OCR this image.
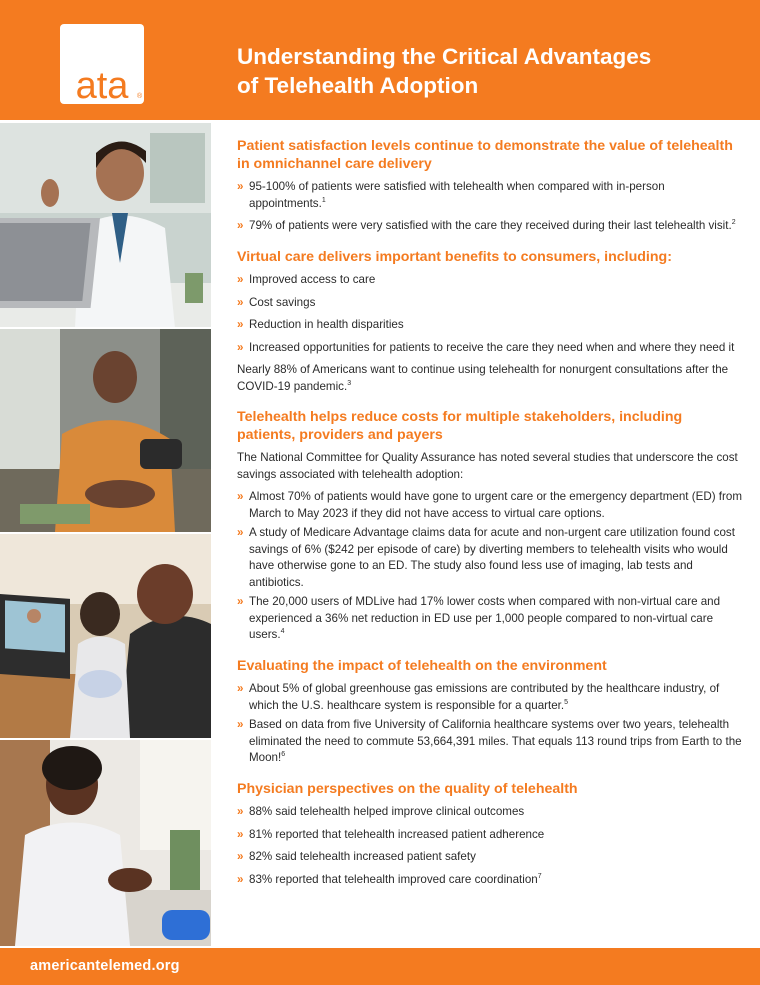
ata ®
Understanding the Critical Advantages
of Telehealth Adoption
Patient satisfaction levels continue to demonstrate the value of telehealth in omnichannel care delivery
» 95-100% of patients were satisfied with telehealth when compared with in-person appointments.$^1$
» 79% of patients were very satisfied with the care they received during their last telehealth visit.$^2$
Virtual care delivers important benefits to consumers, including:
» Improved access to care
» Cost savings
» Reduction in health disparities
» Increased opportunities for patients to receive the care they need when and where they need it
Nearly 88% of Americans want to continue using telehealth for nonurgent consultations after the COVID-19 pandemic.$^3$
Telehealth helps reduce costs for multiple stakeholders, including patients, providers and payers
The National Committee for Quality Assurance has noted several studies that underscore the cost savings associated with telehealth adoption:
» Almost 70% of patients would have gone to urgent care or the emergency department (ED) from March to May 2023 if they did not have access to virtual care options.
» A study of Medicare Advantage claims data for acute and non-urgent care utilization found cost savings of 6% ($242 per episode of care) by diverting members to telehealth visits who would have otherwise gone to an ED. The study also found less use of imaging, lab tests and antibiotics.
» The 20,000 users of MDLive had 17% lower costs when compared with non-virtual care and experienced a 36% net reduction in ED use per 1,000 people compared to non-virtual care users.$^4$
Evaluating the impact of telehealth on the environment
» About 5% of global greenhouse gas emissions are contributed by the healthcare industry, of which the U.S. healthcare system is responsible for a quarter.$^5$
» Based on data from five University of California healthcare systems over two years, telehealth eliminated the need to commute 53,664,391 miles. That equals 113 round trips from Earth to the Moon!$^6$
Physician perspectives on the quality of telehealth
» 88% said telehealth helped improve clinical outcomes
» 81% reported that telehealth increased patient adherence
» 82% said telehealth increased patient safety
» 83% reported that telehealth improved care coordination$^7$
americantelemed.org
